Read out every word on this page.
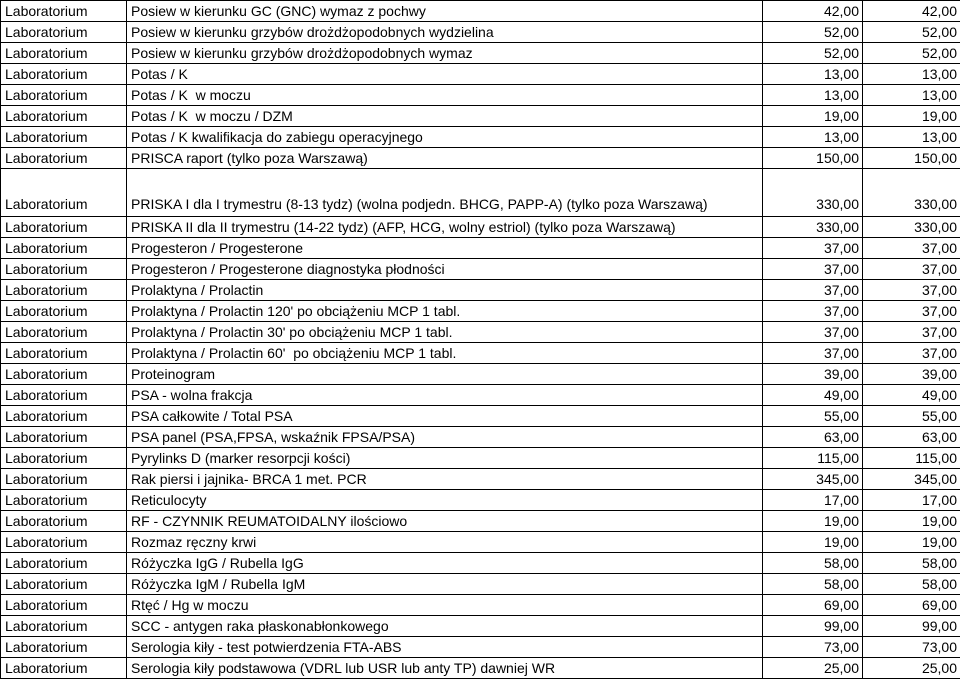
Laboratorium	Posiew w kierunku GC (GNC) wymaz z pochwy	42,00	42,00
Laboratorium	Posiew w kierunku grzybów drożdżopodobnych wydzielina	52,00	52,00
Laboratorium	Posiew w kierunku grzybów drożdżopodobnych wymaz	52,00	52,00
Laboratorium	Potas / K	13,00	13,00
Laboratorium	Potas / K  w moczu	13,00	13,00
Laboratorium	Potas / K  w moczu / DZM	19,00	19,00
Laboratorium	Potas / K kwalifikacja do zabiegu operacyjnego	13,00	13,00
Laboratorium	PRISCA raport (tylko poza Warszawą)	150,00	150,00
Laboratorium	PRISKA I dla I trymestru (8-13 tydz) (wolna podjedn. BHCG, PAPP-A) (tylko poza Warszawą)	330,00	330,00
Laboratorium	PRISKA II dla II trymestru (14-22 tydz) (AFP, HCG, wolny estriol) (tylko poza Warszawą)	330,00	330,00
Laboratorium	Progesteron / Progesterone	37,00	37,00
Laboratorium	Progesteron / Progesterone diagnostyka płodności	37,00	37,00
Laboratorium	Prolaktyna / Prolactin	37,00	37,00
Laboratorium	Prolaktyna / Prolactin 120' po obciążeniu MCP 1 tabl.	37,00	37,00
Laboratorium	Prolaktyna / Prolactin 30' po obciążeniu MCP 1 tabl.	37,00	37,00
Laboratorium	Prolaktyna / Prolactin 60'  po obciążeniu MCP 1 tabl.	37,00	37,00
Laboratorium	Proteinogram	39,00	39,00
Laboratorium	PSA - wolna frakcja	49,00	49,00
Laboratorium	PSA całkowite / Total PSA	55,00	55,00
Laboratorium	PSA panel (PSA,FPSA, wskaźnik FPSA/PSA)	63,00	63,00
Laboratorium	Pyrylinks D (marker resorpcji kości)	115,00	115,00
Laboratorium	Rak piersi i jajnika- BRCA 1 met. PCR	345,00	345,00
Laboratorium	Reticulocyty	17,00	17,00
Laboratorium	RF - CZYNNIK REUMATOIDALNY ilościowo	19,00	19,00
Laboratorium	Rozmaz ręczny krwi	19,00	19,00
Laboratorium	Różyczka IgG / Rubella IgG	58,00	58,00
Laboratorium	Różyczka IgM / Rubella IgM	58,00	58,00
Laboratorium	Rtęć / Hg w moczu	69,00	69,00
Laboratorium	SCC - antygen raka płaskonabłonkowego	99,00	99,00
Laboratorium	Serologia kiły - test potwierdzenia FTA-ABS	73,00	73,00
Laboratorium	Serologia kiły podstawowa (VDRL lub USR lub anty TP) dawniej WR	25,00	25,00
